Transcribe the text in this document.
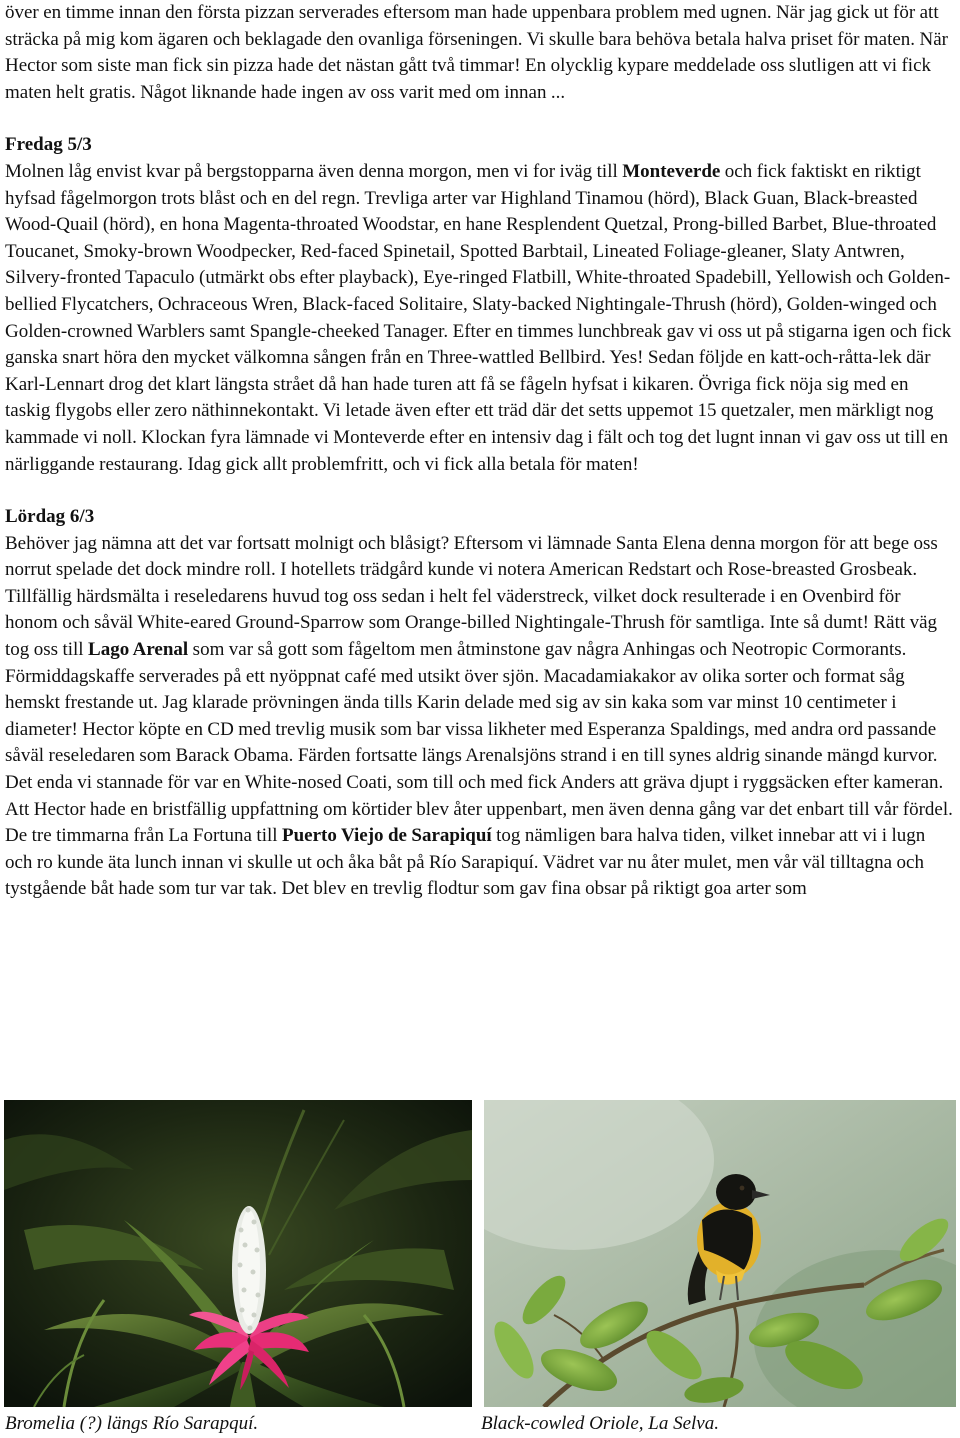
över en timme innan den första pizzan serverades eftersom man hade uppenbara problem med ugnen. När jag gick ut för att sträcka på mig kom ägaren och beklagade den ovanliga förseningen. Vi skulle bara behöva betala halva priset för maten. När Hector som siste man fick sin pizza hade det nästan gått två timmar! En olycklig kypare meddelade oss slutligen att vi fick maten helt gratis. Något liknande hade ingen av oss varit med om innan ...

Fredag 5/3

Molnen låg envist kvar på bergstopparna även denna morgon, men vi for iväg till Monteverde och fick faktiskt en riktigt hyfsad fågelmorgon trots blåst och en del regn. Trevliga arter var Highland Tinamou (hörd), Black Guan, Black-breasted Wood-Quail (hörd), en hona Magenta-throated Woodstar, en hane Resplendent Quetzal, Prong-billed Barbet, Blue-throated Toucanet, Smoky-brown Woodpecker, Red-faced Spinetail, Spotted Barbtail, Lineated Foliage-gleaner, Slaty Antwren, Silvery-fronted Tapaculo (utmärkt obs efter playback), Eye-ringed Flatbill, White-throated Spadebill, Yellowish och Golden-bellied Flycatchers, Ochraceous Wren, Black-faced Solitaire, Slaty-backed Nightingale-Thrush (hörd), Golden-winged och Golden-crowned Warblers samt Spangle-cheeked Tanager. Efter en timmes lunchbreak gav vi oss ut på stigarna igen och fick ganska snart höra den mycket välkomna sången från en Three-wattled Bellbird. Yes! Sedan följde en katt-och-råtta-lek där Karl-Lennart drog det klart längsta strået då han hade turen att få se fågeln hyfsat i kikaren. Övriga fick nöja sig med en taskig flygobs eller zero näthinnekontakt. Vi letade även efter ett träd där det setts uppemot 15 quetzaler, men märkligt nog kammade vi noll. Klockan fyra lämnade vi Monteverde efter en intensiv dag i fält och tog det lugnt innan vi gav oss ut till en närliggande restaurang. Idag gick allt problemfritt, och vi fick alla betala för maten!

Lördag 6/3

Behöver jag nämna att det var fortsatt molnigt och blåsigt? Eftersom vi lämnade Santa Elena denna morgon för att bege oss norrut spelade det dock mindre roll. I hotellets trädgård kunde vi notera American Redstart och Rose-breasted Grosbeak. Tillfällig härdsmälta i reseledarens huvud tog oss sedan i helt fel väderstreck, vilket dock resulterade i en Ovenbird för honom och såväl White-eared Ground-Sparrow som Orange-billed Nightingale-Thrush för samtliga. Inte så dumt! Rätt väg tog oss till Lago Arenal som var så gott som fågeltom men åtminstone gav några Anhingas och Neotropic Cormorants. Förmiddagskaffe serverades på ett nyöppnat café med utsikt över sjön. Macadamiakakor av olika sorter och format såg hemskt frestande ut. Jag klarade prövningen ända tills Karin delade med sig av sin kaka som var minst 10 centimeter i diameter! Hector köpte en CD med trevlig musik som bar vissa likheter med Esperanza Spaldings, med andra ord passande såväl reseledaren som Barack Obama. Färden fortsatte längs Arenalsjöns strand i en till synes aldrig sinande mängd kurvor. Det enda vi stannade för var en White-nosed Coati, som till och med fick Anders att gräva djupt i ryggsäcken efter kameran. Att Hector hade en bristfällig uppfattning om körtider blev åter uppenbart, men även denna gång var det enbart till vår fördel. De tre timmarna från La Fortuna till Puerto Viejo de Sarapiquí tog nämligen bara halva tiden, vilket innebar att vi i lugn och ro kunde äta lunch innan vi skulle ut och åka båt på Río Sarapiquí. Vädret var nu åter mulet, men vår väl tilltagna och tystgående båt hade som tur var tak. Det blev en trevlig flodtur som gav fina obsar på riktigt goa arter som

Bromelia (?) längs Río Sarapquí.	Black-cowled Oriole, La Selva.
